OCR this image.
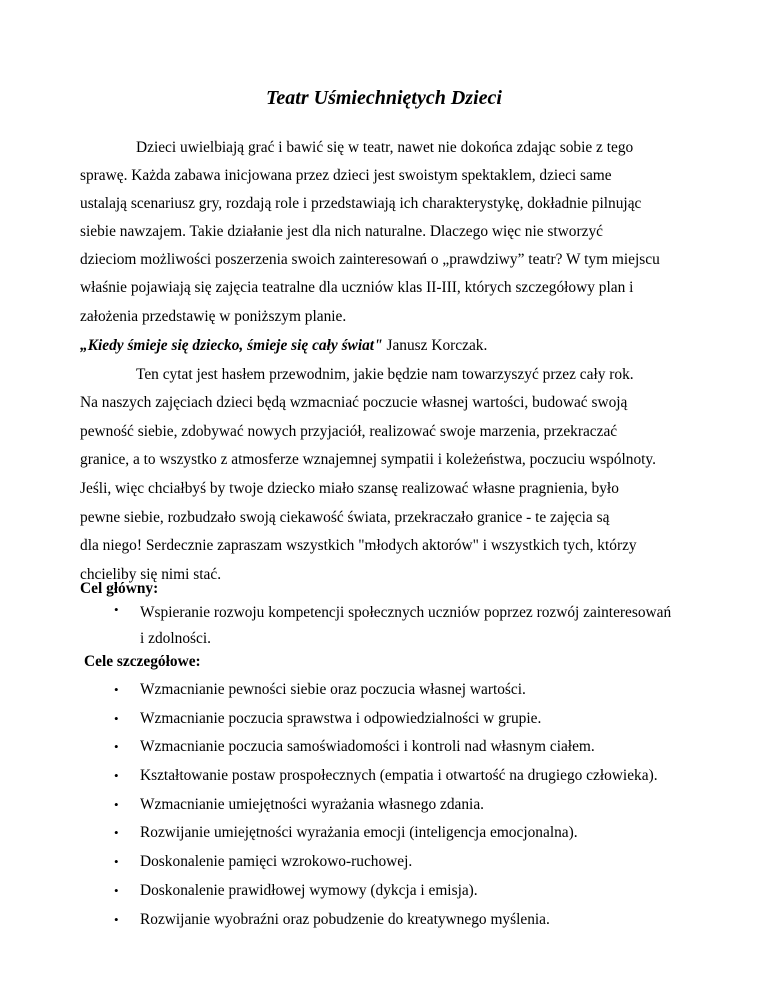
Teatr Uśmiechniętych Dzieci

Dzieci uwielbiają grać i bawić się w teatr, nawet nie dokońca zdając sobie z tego
sprawę. Każda zabawa inicjowana przez dzieci jest swoistym spektaklem, dzieci same
ustalają scenariusz gry, rozdają role i przedstawiają ich charakterystykę, dokładnie pilnując
siebie nawzajem. Takie działanie jest dla nich naturalne. Dlaczego więc nie stworzyć
dzieciom możliwości poszerzenia swoich zainteresowań o „prawdziwy” teatr? W tym miejscu
właśnie pojawiają się zajęcia teatralne dla uczniów klas II-III, których szczegółowy plan i
założenia przedstawię w poniższym planie.

„Kiedy śmieje się dziecko, śmieje się cały świat" Janusz Korczak.
Ten cytat jest hasłem przewodnim, jakie będzie nam towarzyszyć przez cały rok.
Na naszych zajęciach dzieci będą wzmacniać poczucie własnej wartości, budować swoją
pewność siebie, zdobywać nowych przyjaciół, realizować swoje marzenia, przekraczać
granice, a to wszystko z atmosferze wznajemnej sympatii i koleżeństwa, poczuciu wspólnoty.
Jeśli, więc chciałbyś by twoje dziecko miało szansę realizować własne pragnienia, było
pewne siebie, rozbudzało swoją ciekawość świata, przekraczało granice - te zajęcia są
dla niego! Serdecznie zapraszam wszystkich "młodych aktorów" i wszystkich tych, którzy
chcieliby się nimi stać.

Cel główny:
• Wspieranie rozwoju kompetencji społecznych uczniów poprzez rozwój zainteresowań
i zdolności.
Cele szczegółowe:
• Wzmacnianie pewności siebie oraz poczucia własnej wartości.
• Wzmacnianie poczucia sprawstwa i odpowiedzialności w grupie.
• Wzmacnianie poczucia samoświadomości i kontroli nad własnym ciałem.
• Kształtowanie postaw prospołecznych (empatia i otwartość na drugiego człowieka).
• Wzmacnianie umiejętności wyrażania własnego zdania.
• Rozwijanie umiejętności wyrażania emocji (inteligencja emocjonalna).
• Doskonalenie pamięci wzrokowo-ruchowej.
• Doskonalenie prawidłowej wymowy (dykcja i emisja).
• Rozwijanie wyobraźni oraz pobudzenie do kreatywnego myślenia.
